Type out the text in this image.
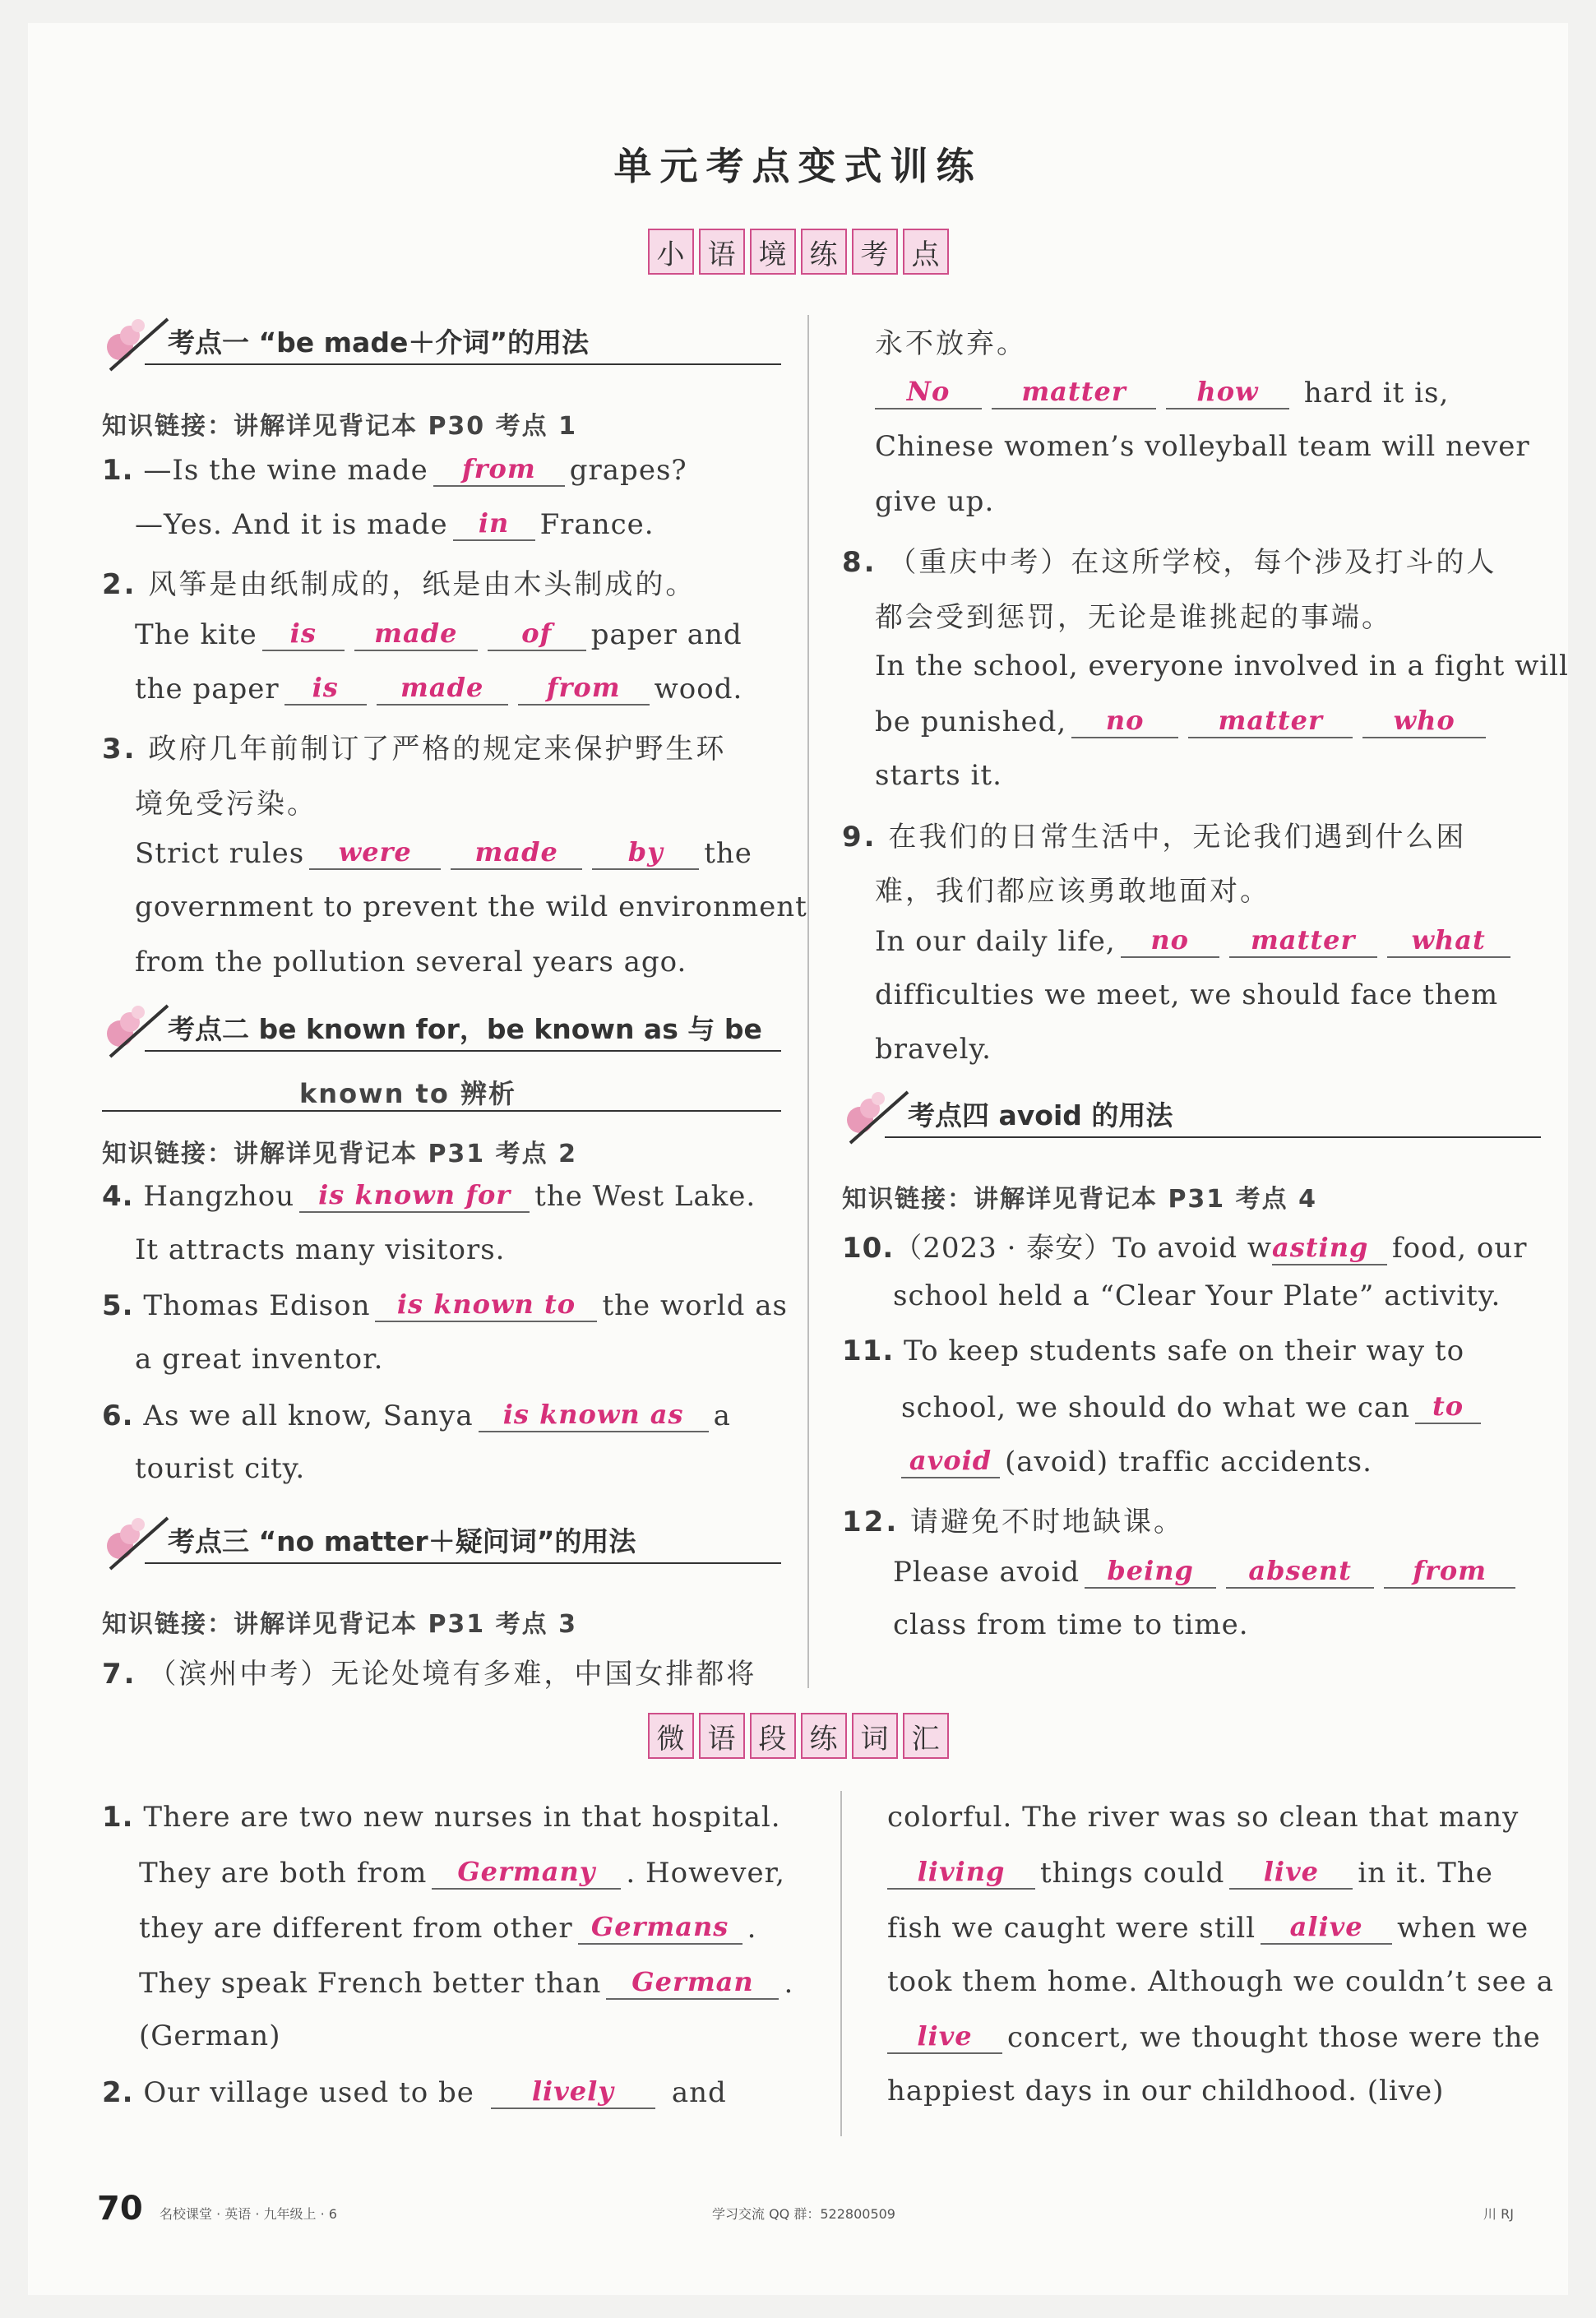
单元考点变式训练
小 语 境 练 考 点
考点一 “be made＋介词”的用法
知识链接：讲解详见背记本 P30 考点 1
1. —Is the wine made from grapes?
—Yes. And it is made in France.
2. 风筝是由纸制成的，纸是由木头制成的。
The kite is made of paper and
the paper is made from wood.
3. 政府几年前制订了严格的规定来保护野生环
境免受污染。
Strict rules were made	by the
government to prevent the wild environment
from the pollution several years ago.
考点二 be known for，be known as 与 be
known to 辨析
知识链接：讲解详见背记本 P31 考点 2
4. Hangzhou is known for the West Lake.
It attracts many visitors.
5. Thomas Edison is known to the world as
a great inventor.
6. As we all know, Sanya is known as a
tourist city.
考点三 “no matter＋疑问词”的用法
知识链接：讲解详见背记本 P31 考点 3
7. （滨州中考）无论处境有多难，中国女排都将
永不放弃。
No	matter	how hard it is,
Chinese women’s volleyball team will never
give up.
8. （重庆中考）在这所学校，每个涉及打斗的人
都会受到惩罚，无论是谁挑起的事端。
In the school, everyone involved in a fight will
be punished, no	matter	who
starts it.
9. 在我们的日常生活中，无论我们遇到什么困
难，我们都应该勇敢地面对。
In our daily life, no matter what
difficulties we meet, we should face them
bravely.
考点四 avoid 的用法
知识链接：讲解详见背记本 P31 考点 4
10.（2023 · 泰安）To avoid wasting food, our
school held a “Clear Your Plate” activity.
11. To keep students safe on their way to
school, we should do what we can to
avoid (avoid) traffic accidents.
12. 请避免不时地缺课。
Please avoid being absent from
class from time to time.
微 语 段 练 词 汇
1. There are two new nurses in that hospital.
They are both from Germany . However,
they are different from other Germans .
They speak French better than German .
(German)
2. Our village used to be lively and
colorful. The river was so clean that many
living things could live in it. The
fish we caught were still alive when we
took them home. Although we couldn’t see a
live concert, we thought those were the
happiest days in our childhood. (live)
70 名校课堂 · 英语 · 九年级上 · 6	学习交流 QQ 群：522800509	川 RJ
